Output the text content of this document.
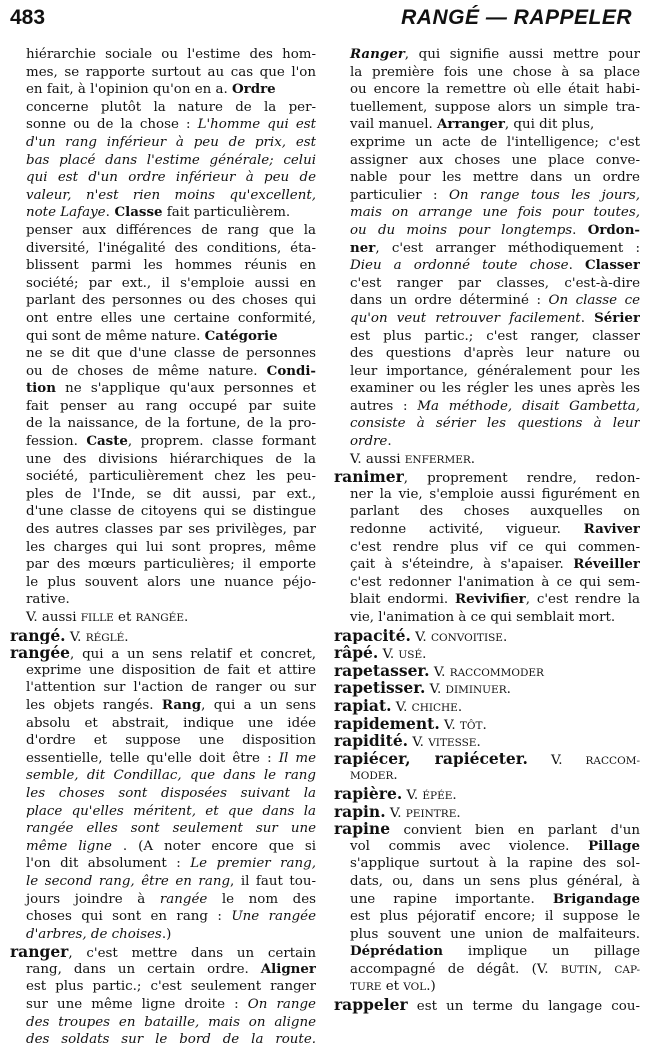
483	RANGÉ — RAPPELER
hiérarchie sociale ou l'estime des hom-
mes, se rapporte surtout au cas que l'on
en fait, à l'opinion qu'on en a. Ordre
concerne plutôt la nature de la per-
sonne ou de la chose : L'homme qui est
d'un rang inférieur à peu de prix, est
bas placé dans l'estime générale; celui
qui est d'un ordre inférieur à peu de
valeur, n'est rien moins qu'excellent,
note Lafaye. Classe fait particulièrem.
penser aux différences de rang que la
diversité, l'inégalité des conditions, éta-
blissent parmi les hommes réunis en
société; par ext., il s'emploie aussi en
parlant des personnes ou des choses qui
ont entre elles une certaine conformité,
qui sont de même nature. Catégorie
ne se dit que d'une classe de personnes
ou de choses de même nature. Condi-
tion ne s'applique qu'aux personnes et
fait penser au rang occupé par suite
de la naissance, de la fortune, de la pro-
fession. Caste, proprem. classe formant
une des divisions hiérarchiques de la
société, particulièrement chez les peu-
ples de l'Inde, se dit aussi, par ext.,
d'une classe de citoyens qui se distingue
des autres classes par ses privilèges, par
les charges qui lui sont propres, même
par des mœurs particulières; il emporte
le plus souvent alors une nuance péjo-
rative.
V. aussi FILLE et RANGÉE.
rangé. V. RÉGLÉ.
rangée, qui a un sens relatif et concret,
exprime une disposition de fait et attire
l'attention sur l'action de ranger ou sur
les objets rangés. Rang, qui a un sens
absolu et abstrait, indique une idée
d'ordre et suppose une disposition
essentielle, telle qu'elle doit être : Il me
semble, dit Condillac, que dans le rang
les choses sont disposées suivant la
place qu'elles méritent, et que dans la
rangée elles sont seulement sur une
même ligne . (A noter encore que si
l'on dit absolument : Le premier rang,
le second rang, être en rang, il faut tou-
jours joindre à rangée le nom des
choses qui sont en rang : Une rangée
d'arbres, de choises.)
ranger, c'est mettre dans un certain
rang, dans un certain ordre. Aligner
est plus partic.; c'est seulement ranger
sur une même ligne droite : On range
des troupes en bataille, mais on aligne
des soldats sur le bord de la route.
Ranger, qui signifie aussi mettre pour
la première fois une chose à sa place
ou encore la remettre où elle était habi-
tuellement, suppose alors un simple tra-
vail manuel. Arranger, qui dit plus,
exprime un acte de l'intelligence; c'est
assigner aux choses une place conve-
nable pour les mettre dans un ordre
particulier : On range tous les jours,
mais on arrange une fois pour toutes,
ou du moins pour longtemps. Ordon-
ner, c'est arranger méthodiquement :
Dieu a ordonné toute chose. Classer
c'est ranger par classes, c'est-à-dire
dans un ordre déterminé : On classe ce
qu'on veut retrouver facilement. Sérier
est plus partic.; c'est ranger, classer
des questions d'après leur nature ou
leur importance, généralement pour les
examiner ou les régler les unes après les
autres : Ma méthode, disait Gambetta,
consiste à sérier les questions à leur
ordre.
V. aussi ENFERMER.
ranimer, proprement rendre, redon-
ner la vie, s'emploie aussi figurément en
parlant des choses auxquelles on
redonne activité, vigueur. Raviver
c'est rendre plus vif ce qui commen-
çait à s'éteindre, à s'apaiser. Réveiller
c'est redonner l'animation à ce qui sem-
blait endormi. Revivifier, c'est rendre la
vie, l'animation à ce qui semblait mort.
rapacité. V. CONVOITISE.
râpé. V. USÉ.
rapetasser. V. RACCOMMODER
rapetisser. V. DIMINUER.
rapiat. V. CHICHE.
rapidement. V. TÔT.
rapidité. V. VITESSE.
rapiécer, rapiéceter. V. RACCOM-
MODER.
rapière. V. ÉPÉE.
rapin. V. PEINTRE.
rapine convient bien en parlant d'un
vol commis avec violence. Pillage
s'applique surtout à la rapine des sol-
dats, ou, dans un sens plus général, à
une rapine importante. Brigandage
est plus péjoratif encore; il suppose le
plus souvent une union de malfaiteurs.
Déprédation implique un pillage
accompagné de dégât. (V. BUTIN, CAP-
TURE et VOL.)
rappeler est un terme du langage cou-
